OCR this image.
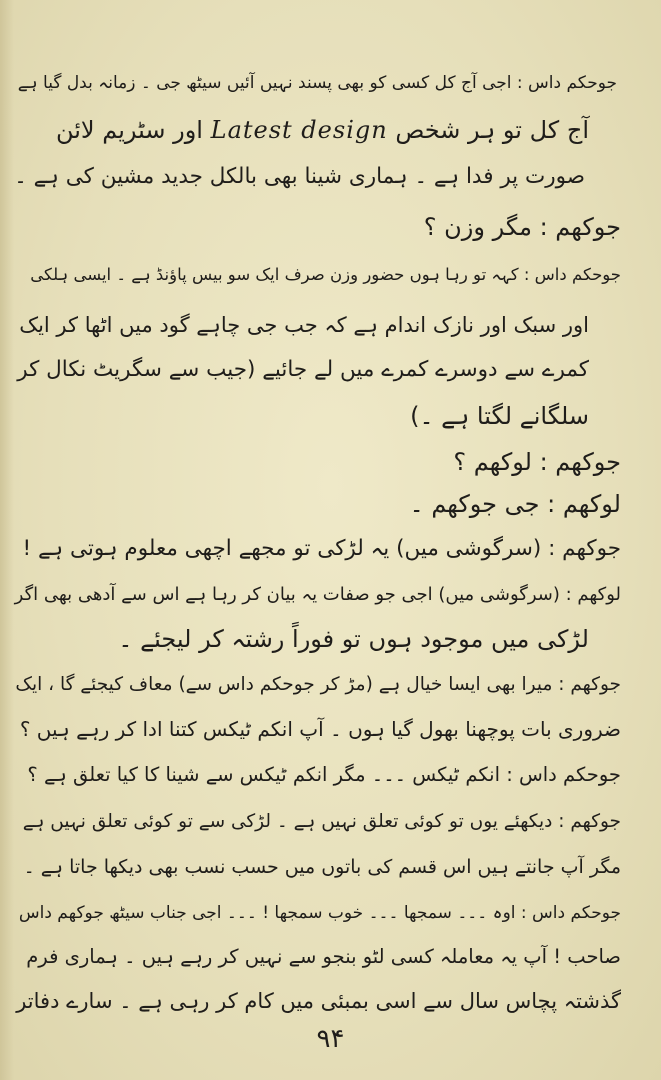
جوحکم داس : اجی آج کل کسی کو بھی پسند نہیں آئیں سیٹھ جی ۔ زمانہ بدل گیا ہے

آج کل تو ہر شخص Latest design اور سٹریم لائن

صورت پر فدا ہے ۔ ہماری شینا بھی بالکل جدید مشین کی ہے ۔

جوکھم : مگر وزن ؟

جوحکم داس : کہہ تو رہا ہوں حضور وزن صرف ایک سو بیس پاؤنڈ ہے ۔ ایسی ہلکی

اور سبک اور نازک اندام ہے کہ جب جی چاہے گود میں اٹھا کر ایک

کمرے سے دوسرے کمرے میں لے جائیے (جیب سے سگریٹ نکال کر

سلگانے لگتا ہے ۔)

جوکھم : لوکھم ؟

لوکھم : جی جوکھم ۔

جوکھم : (سرگوشی میں) یہ لڑکی تو مجھے اچھی معلوم ہوتی ہے !

لوکھم : (سرگوشی میں) اجی جو صفات یہ بیان کر رہا ہے اس سے آدھی بھی اگر

لڑکی میں موجود ہوں تو فوراً رشتہ کر لیجئے ۔

جوکھم : میرا بھی ایسا خیال ہے (مڑ کر جوحکم داس سے) معاف کیجئے گا ، ایک

ضروری بات پوچھنا بھول گیا ہوں ۔ آپ انکم ٹیکس کتنا ادا کر رہے ہیں ؟

جوحکم داس : انکم ٹیکس ۔۔۔ مگر انکم ٹیکس سے شینا کا کیا تعلق ہے ؟

جوکھم : دیکھئے یوں تو کوئی تعلق نہیں ہے ۔ لڑکی سے تو کوئی تعلق نہیں ہے

مگر آپ جانتے ہیں اس قسم کی باتوں میں حسب نسب بھی دیکھا جاتا ہے ۔

جوحکم داس : اوہ ۔۔۔ سمجھا ۔۔۔ خوب سمجھا ! ۔۔۔ اجی جناب سیٹھ جوکھم داس

صاحب ! آپ یہ معاملہ کسی لٹو بنجو سے نہیں کر رہے ہیں ۔ ہماری فرم

گذشتہ پچاس سال سے اسی بمبئی میں کام کر رہی ہے ۔ سارے دفاتر

۹۴
